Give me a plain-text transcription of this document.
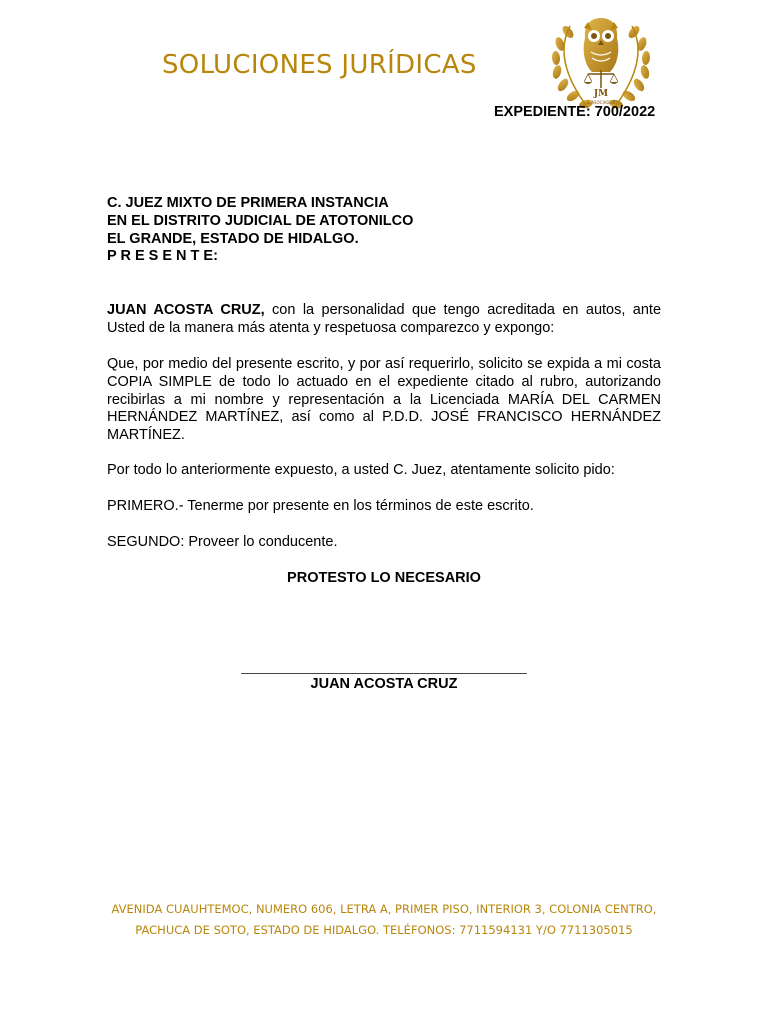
SOLUCIONES JURÍDICAS
JM
& ASOCIADOS
EXPEDIENTE: 700/2022
C. JUEZ MIXTO DE PRIMERA INSTANCIA
EN EL DISTRITO JUDICIAL DE ATOTONILCO
EL GRANDE, ESTADO DE HIDALGO.
P R E S E N T E:
JUAN ACOSTA CRUZ, con la personalidad que tengo acreditada en autos, ante Usted de la manera más atenta y respetuosa comparezco y expongo:
Que, por medio del presente escrito, y por así requerirlo, solicito se expida a mi costa COPIA SIMPLE de todo lo actuado en el expediente citado al rubro, autorizando recibirlas a mi nombre y representación a la Licenciada MARÍA DEL CARMEN HERNÁNDEZ MARTÍNEZ, así como al P.D.D. JOSÉ FRANCISCO HERNÁNDEZ MARTÍNEZ.
Por todo lo anteriormente expuesto, a usted C. Juez, atentamente solicito pido:
PRIMERO.- Tenerme por presente en los términos de este escrito.
SEGUNDO: Proveer lo conducente.
PROTESTO LO NECESARIO
JUAN ACOSTA CRUZ
AVENIDA CUAUHTEMOC, NUMERO 606, LETRA A, PRIMER PISO, INTERIOR 3, COLONIA CENTRO,
PACHUCA DE SOTO, ESTADO DE HIDALGO. TELÉFONOS: 7711594131 Y/O 7711305015
